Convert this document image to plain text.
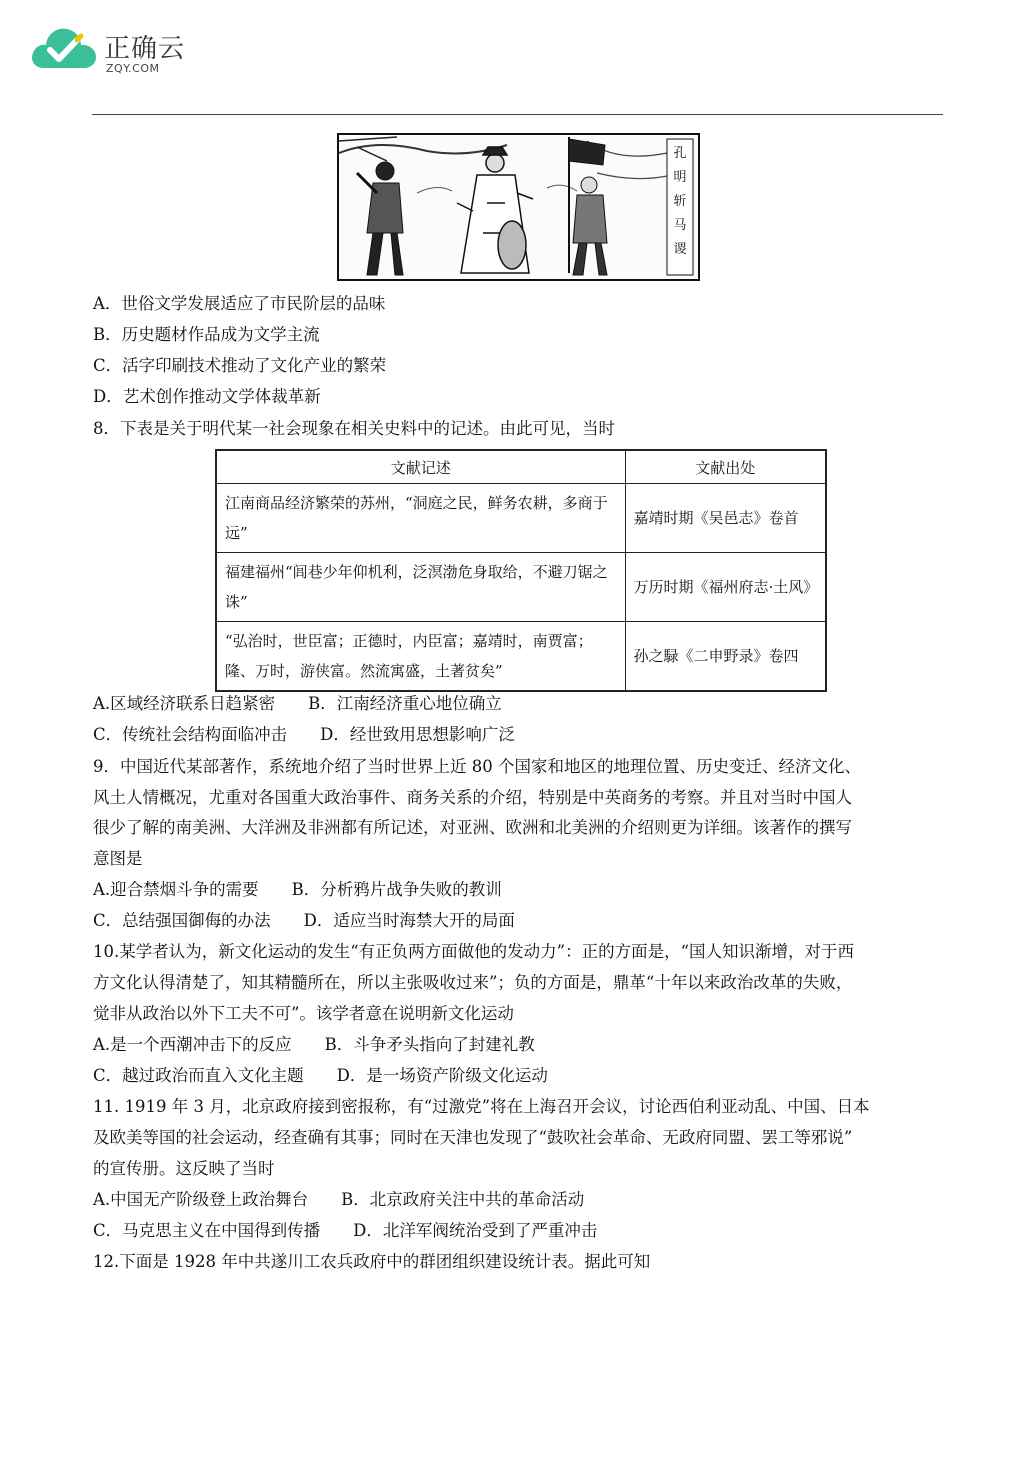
正确云
ZQY.COM
孔
明
斩
马
谡
A．世俗文学发展适应了市民阶层的品味
B．历史题材作品成为文学主流
C．活字印刷技术推动了文化产业的繁荣
D．艺术创作推动文学体裁革新
8．下表是关于明代某一社会现象在相关史料中的记述。由此可见，当时
文献记述	文献出处
江南商品经济繁荣的苏州，“洞庭之民，鲜务农耕，多商于远”	嘉靖时期《吴邑志》卷首
福建福州“闾巷少年仰机利，泛溟渤危身取给，不避刀锯之诛”	万历时期《福州府志·土风》
“弘治时，世臣富；正德时，内臣富；嘉靖时，南贾富；隆、万时，游侠富。然流寓盛，土著贫矣”	孙之騄《二申野录》卷四
A.区域经济联系日趋紧密　　B．江南经济重心地位确立
C．传统社会结构面临冲击　　D．经世致用思想影响广泛
9．中国近代某部著作，系统地介绍了当时世界上近 80 个国家和地区的地理位置、历史变迁、经济文化、
风土人情概况，尤重对各国重大政治事件、商务关系的介绍，特别是中英商务的考察。并且对当时中国人
很少了解的南美洲、大洋洲及非洲都有所记述，对亚洲、欧洲和北美洲的介绍则更为详细。该著作的撰写
意图是
A.迎合禁烟斗争的需要　　B．分析鸦片战争失败的教训
C．总结强国御侮的办法　　D．适应当时海禁大开的局面
10.某学者认为，新文化运动的发生“有正负两方面做他的发动力”：正的方面是，“国人知识渐增，对于西
方文化认得清楚了，知其精髓所在，所以主张吸收过来”；负的方面是，鼎革“十年以来政治改革的失败，
觉非从政治以外下工夫不可”。该学者意在说明新文化运动
A.是一个西潮冲击下的反应　　B．斗争矛头指向了封建礼教
C．越过政治而直入文化主题　　D．是一场资产阶级文化运动
11. 1919 年 3 月，北京政府接到密报称，有“过激党”将在上海召开会议，讨论西伯利亚动乱、中国、日本
及欧美等国的社会运动，经查确有其事；同时在天津也发现了“鼓吹社会革命、无政府同盟、罢工等邪说”
的宣传册。这反映了当时
A.中国无产阶级登上政治舞台　　B．北京政府关注中共的革命活动
C．马克思主义在中国得到传播　　D．北洋军阀统治受到了严重冲击
12.下面是 1928 年中共遂川工农兵政府中的群团组织建设统计表。据此可知
